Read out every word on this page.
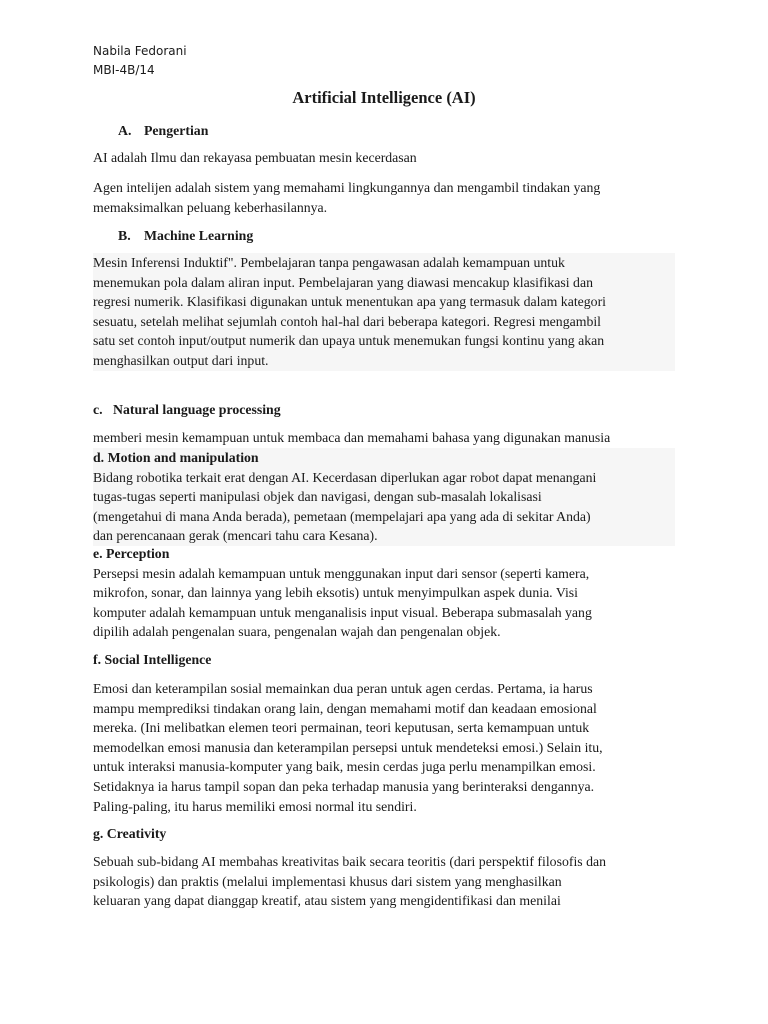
Nabila Fedorani
MBI-4B/14
Artificial Intelligence (AI)
A. Pengertian

AI adalah Ilmu dan rekayasa pembuatan mesin kecerdasan

Agen intelijen adalah sistem yang memahami lingkungannya dan mengambil tindakan yang

memaksimalkan peluang keberhasilannya.

B. Machine Learning

Mesin Inferensi Induktif". Pembelajaran tanpa pengawasan adalah kemampuan untuk

menemukan pola dalam aliran input. Pembelajaran yang diawasi mencakup klasifikasi dan

regresi numerik. Klasifikasi digunakan untuk menentukan apa yang termasuk dalam kategori

sesuatu, setelah melihat sejumlah contoh hal-hal dari beberapa kategori. Regresi mengambil

satu set contoh input/output numerik dan upaya untuk menemukan fungsi kontinu yang akan

menghasilkan output dari input.

c. Natural language processing

memberi mesin kemampuan untuk membaca dan memahami bahasa yang digunakan manusia

d. Motion and manipulation

Bidang robotika terkait erat dengan AI. Kecerdasan diperlukan agar robot dapat menangani

tugas-tugas seperti manipulasi objek dan navigasi, dengan sub-masalah lokalisasi

(mengetahui di mana Anda berada), pemetaan (mempelajari apa yang ada di sekitar Anda)

dan perencanaan gerak (mencari tahu cara Kesana).

e. Perception

Persepsi mesin adalah kemampuan untuk menggunakan input dari sensor (seperti kamera,

mikrofon, sonar, dan lainnya yang lebih eksotis) untuk menyimpulkan aspek dunia. Visi

komputer adalah kemampuan untuk menganalisis input visual. Beberapa submasalah yang

dipilih adalah pengenalan suara, pengenalan wajah dan pengenalan objek.

f. Social Intelligence

Emosi dan keterampilan sosial memainkan dua peran untuk agen cerdas. Pertama, ia harus

mampu memprediksi tindakan orang lain, dengan memahami motif dan keadaan emosional

mereka. (Ini melibatkan elemen teori permainan, teori keputusan, serta kemampuan untuk

memodelkan emosi manusia dan keterampilan persepsi untuk mendeteksi emosi.) Selain itu,

untuk interaksi manusia-komputer yang baik, mesin cerdas juga perlu menampilkan emosi.

Setidaknya ia harus tampil sopan dan peka terhadap manusia yang berinteraksi dengannya.

Paling-paling, itu harus memiliki emosi normal itu sendiri.

g. Creativity

Sebuah sub-bidang AI membahas kreativitas baik secara teoritis (dari perspektif filosofis dan

psikologis) dan praktis (melalui implementasi khusus dari sistem yang menghasilkan

keluaran yang dapat dianggap kreatif, atau sistem yang mengidentifikasi dan menilai
